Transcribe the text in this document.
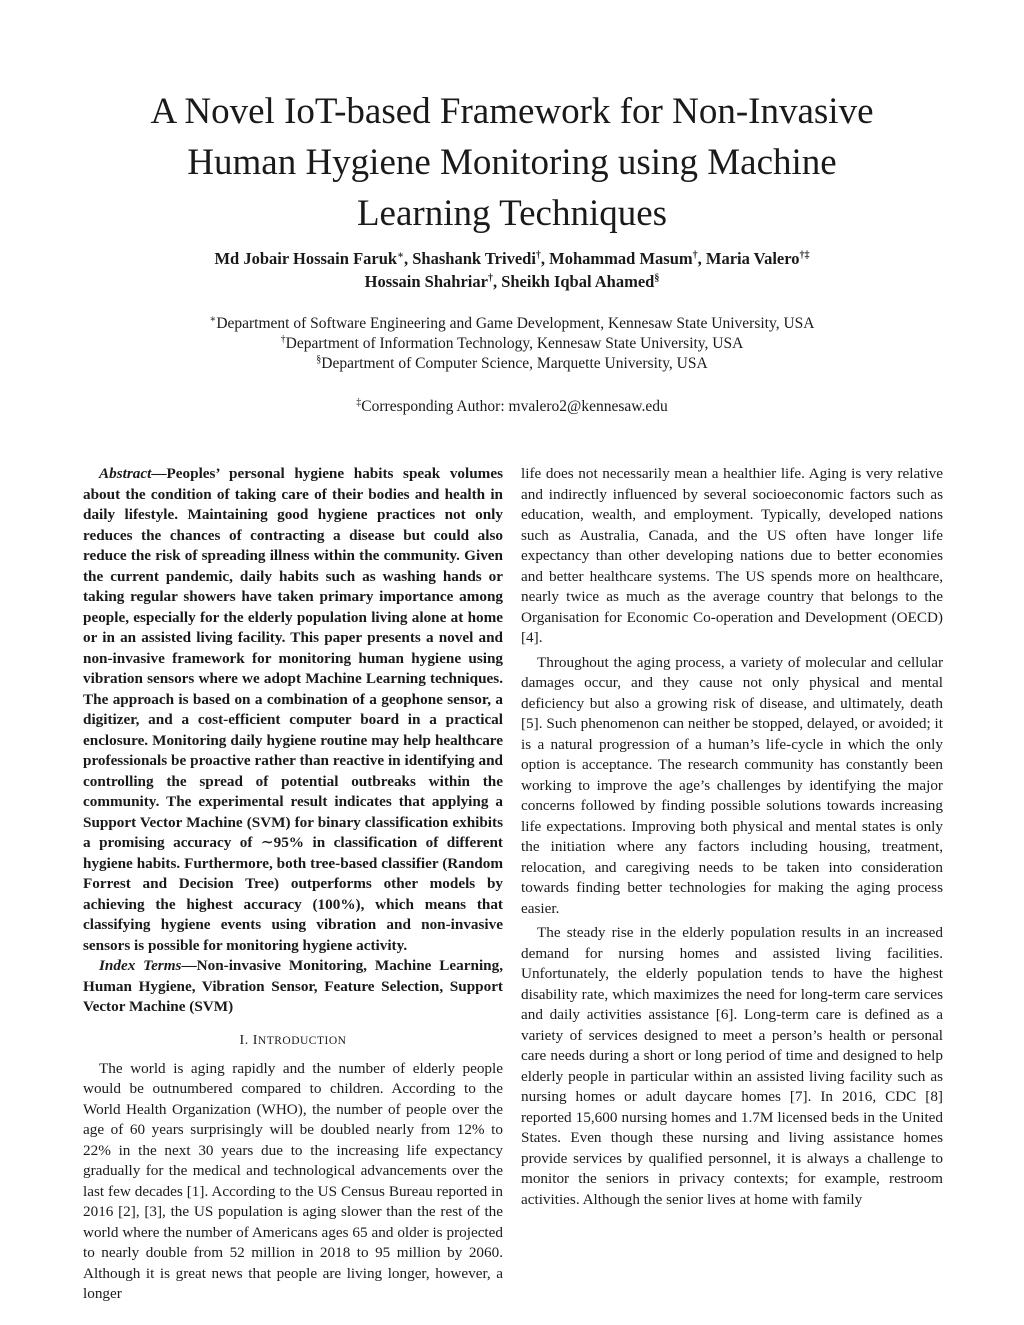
A Novel IoT-based Framework for Non-Invasive
Human Hygiene Monitoring using Machine
Learning Techniques
Md Jobair Hossain Faruk∗, Shashank Trivedi†, Mohammad Masum†, Maria Valero†‡
Hossain Shahriar†, Sheikh Iqbal Ahamed§
∗Department of Software Engineering and Game Development, Kennesaw State University, USA
†Department of Information Technology, Kennesaw State University, USA
§Department of Computer Science, Marquette University, USA
‡Corresponding Author: mvalero2@kennesaw.edu

Abstract—Peoples’ personal hygiene habits speak volumes about the condition of taking care of their bodies and health in daily lifestyle. Maintaining good hygiene practices not only reduces the chances of contracting a disease but could also reduce the risk of spreading illness within the community. Given the current pandemic, daily habits such as washing hands or taking regular showers have taken primary importance among people, especially for the elderly population living alone at home or in an assisted living facility. This paper presents a novel and non-invasive framework for monitoring human hygiene using vibration sensors where we adopt Machine Learning techniques. The approach is based on a combination of a geophone sensor, a digitizer, and a cost-efficient computer board in a practical enclosure. Monitoring daily hygiene routine may help healthcare professionals be proactive rather than reactive in identifying and controlling the spread of potential outbreaks within the community. The experimental result indicates that applying a Support Vector Machine (SVM) for binary classification exhibits a promising accuracy of ∼95% in classification of different hygiene habits. Furthermore, both tree-based classifier (Random Forrest and Decision Tree) outperforms other models by achieving the highest accuracy (100%), which means that classifying hygiene events using vibration and non-invasive sensors is possible for monitoring hygiene activity.

Index Terms—Non-invasive Monitoring, Machine Learning, Human Hygiene, Vibration Sensor, Feature Selection, Support Vector Machine (SVM)

I. INTRODUCTION

The world is aging rapidly and the number of elderly people would be outnumbered compared to children. According to the World Health Organization (WHO), the number of people over the age of 60 years surprisingly will be doubled nearly from 12% to 22% in the next 30 years due to the increasing life expectancy gradually for the medical and technological advancements over the last few decades [1]. According to the US Census Bureau reported in 2016 [2], [3], the US population is aging slower than the rest of the world where the number of Americans ages 65 and older is projected to nearly double from 52 million in 2018 to 95 million by 2060. Although it is great news that people are living longer, however, a longer

life does not necessarily mean a healthier life. Aging is very relative and indirectly influenced by several socioeconomic factors such as education, wealth, and employment. Typically, developed nations such as Australia, Canada, and the US often have longer life expectancy than other developing nations due to better economies and better healthcare systems. The US spends more on healthcare, nearly twice as much as the average country that belongs to the Organisation for Economic Co-operation and Development (OECD) [4].

Throughout the aging process, a variety of molecular and cellular damages occur, and they cause not only physical and mental deficiency but also a growing risk of disease, and ultimately, death [5]. Such phenomenon can neither be stopped, delayed, or avoided; it is a natural progression of a human’s life-cycle in which the only option is acceptance. The research community has constantly been working to improve the age’s challenges by identifying the major concerns followed by finding possible solutions towards increasing life expectations. Improving both physical and mental states is only the initiation where any factors including housing, treatment, relocation, and caregiving needs to be taken into consideration towards finding better technologies for making the aging process easier.

The steady rise in the elderly population results in an increased demand for nursing homes and assisted living facilities. Unfortunately, the elderly population tends to have the highest disability rate, which maximizes the need for long-term care services and daily activities assistance [6]. Long-term care is defined as a variety of services designed to meet a person’s health or personal care needs during a short or long period of time and designed to help elderly people in particular within an assisted living facility such as nursing homes or adult daycare homes [7]. In 2016, CDC [8] reported 15,600 nursing homes and 1.7M licensed beds in the United States. Even though these nursing and living assistance homes provide services by qualified personnel, it is always a challenge to monitor the seniors in privacy contexts; for example, restroom activities. Although the senior lives at home with family
